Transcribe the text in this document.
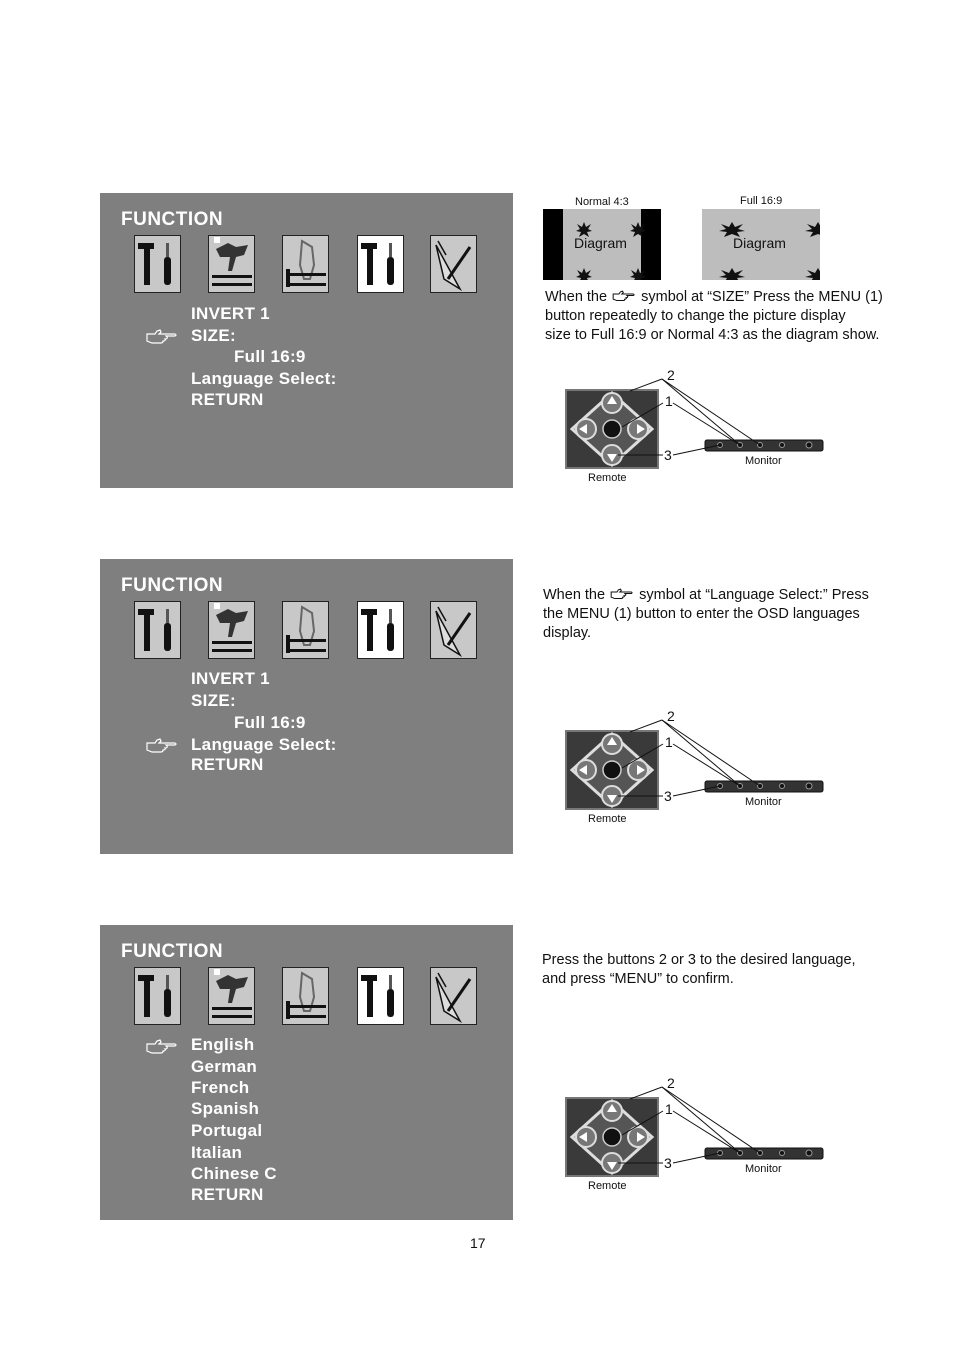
FUNCTION
INVERT 1
SIZE:
Full 16:9
Language Select:
RETURN
Normal 4:3	Full 16:9
Diagram	Diagram
When the  symbol at “SIZE” Press the MENU (1)
button repeatedly to change the picture display
size to Full 16:9 or Normal 4:3 as the diagram show.
2
1
3
Remote
Monitor
FUNCTION
INVERT 1
SIZE:
Full 16:9
Language Select:
RETURN
When the  symbol at “Language Select:” Press
the MENU (1) button to enter the OSD languages
display.
2
1
3
Remote
Monitor
FUNCTION
English
German
French
Spanish
Portugal
Italian
Chinese C
RETURN
Press the buttons 2 or 3 to the desired language,
and press “MENU” to confirm.
2
1
3
Remote
Monitor
17
